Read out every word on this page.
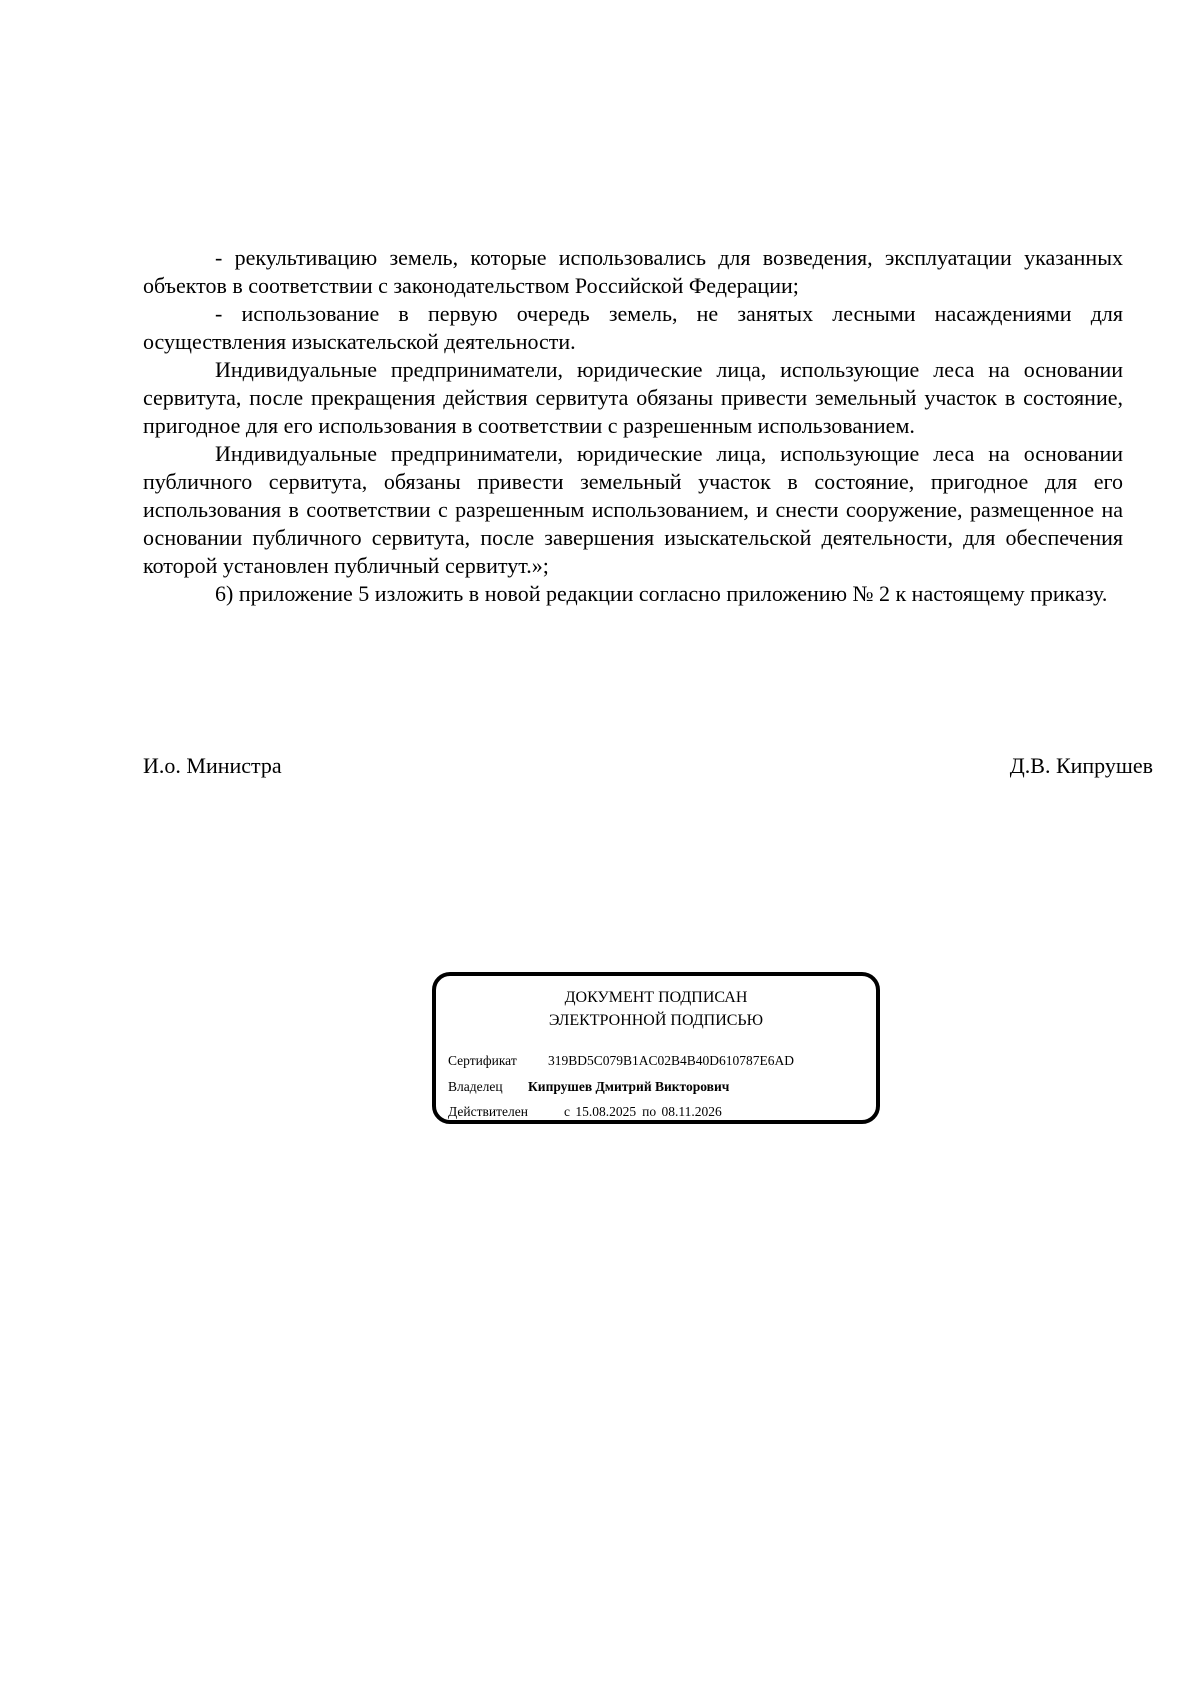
- рекультивацию земель, которые использовались для возведения, эксплуатации указанных объектов в соответствии с законодательством Российской Федерации;

- использование в первую очередь земель, не занятых лесными насаждениями для осуществления изыскательской деятельности.

Индивидуальные предприниматели, юридические лица, использующие леса на основании сервитута, после прекращения действия сервитута обязаны привести земельный участок в состояние, пригодное для его использования в соответствии с разрешенным использованием.

Индивидуальные предприниматели, юридические лица, использующие леса на основании публичного сервитута, обязаны привести земельный участок в состояние, пригодное для его использования в соответствии с разрешенным использованием, и снести сооружение, размещенное на основании публичного сервитута, после завершения изыскательской деятельности, для обеспечения которой установлен публичный сервитут.»;

6) приложение 5 изложить в новой редакции согласно приложению № 2 к настоящему приказу.

И.о. Министра	Д.В. Кипрушев
ДОКУМЕНТ ПОДПИСАН
ЭЛЕКТРОННОЙ ПОДПИСЬЮ
Сертификат 319BD5C079B1AC02B4B40D610787E6AD
Владелец Кипрушев Дмитрий Викторович
Действителен	с 15.08.2025 по 08.11.2026
